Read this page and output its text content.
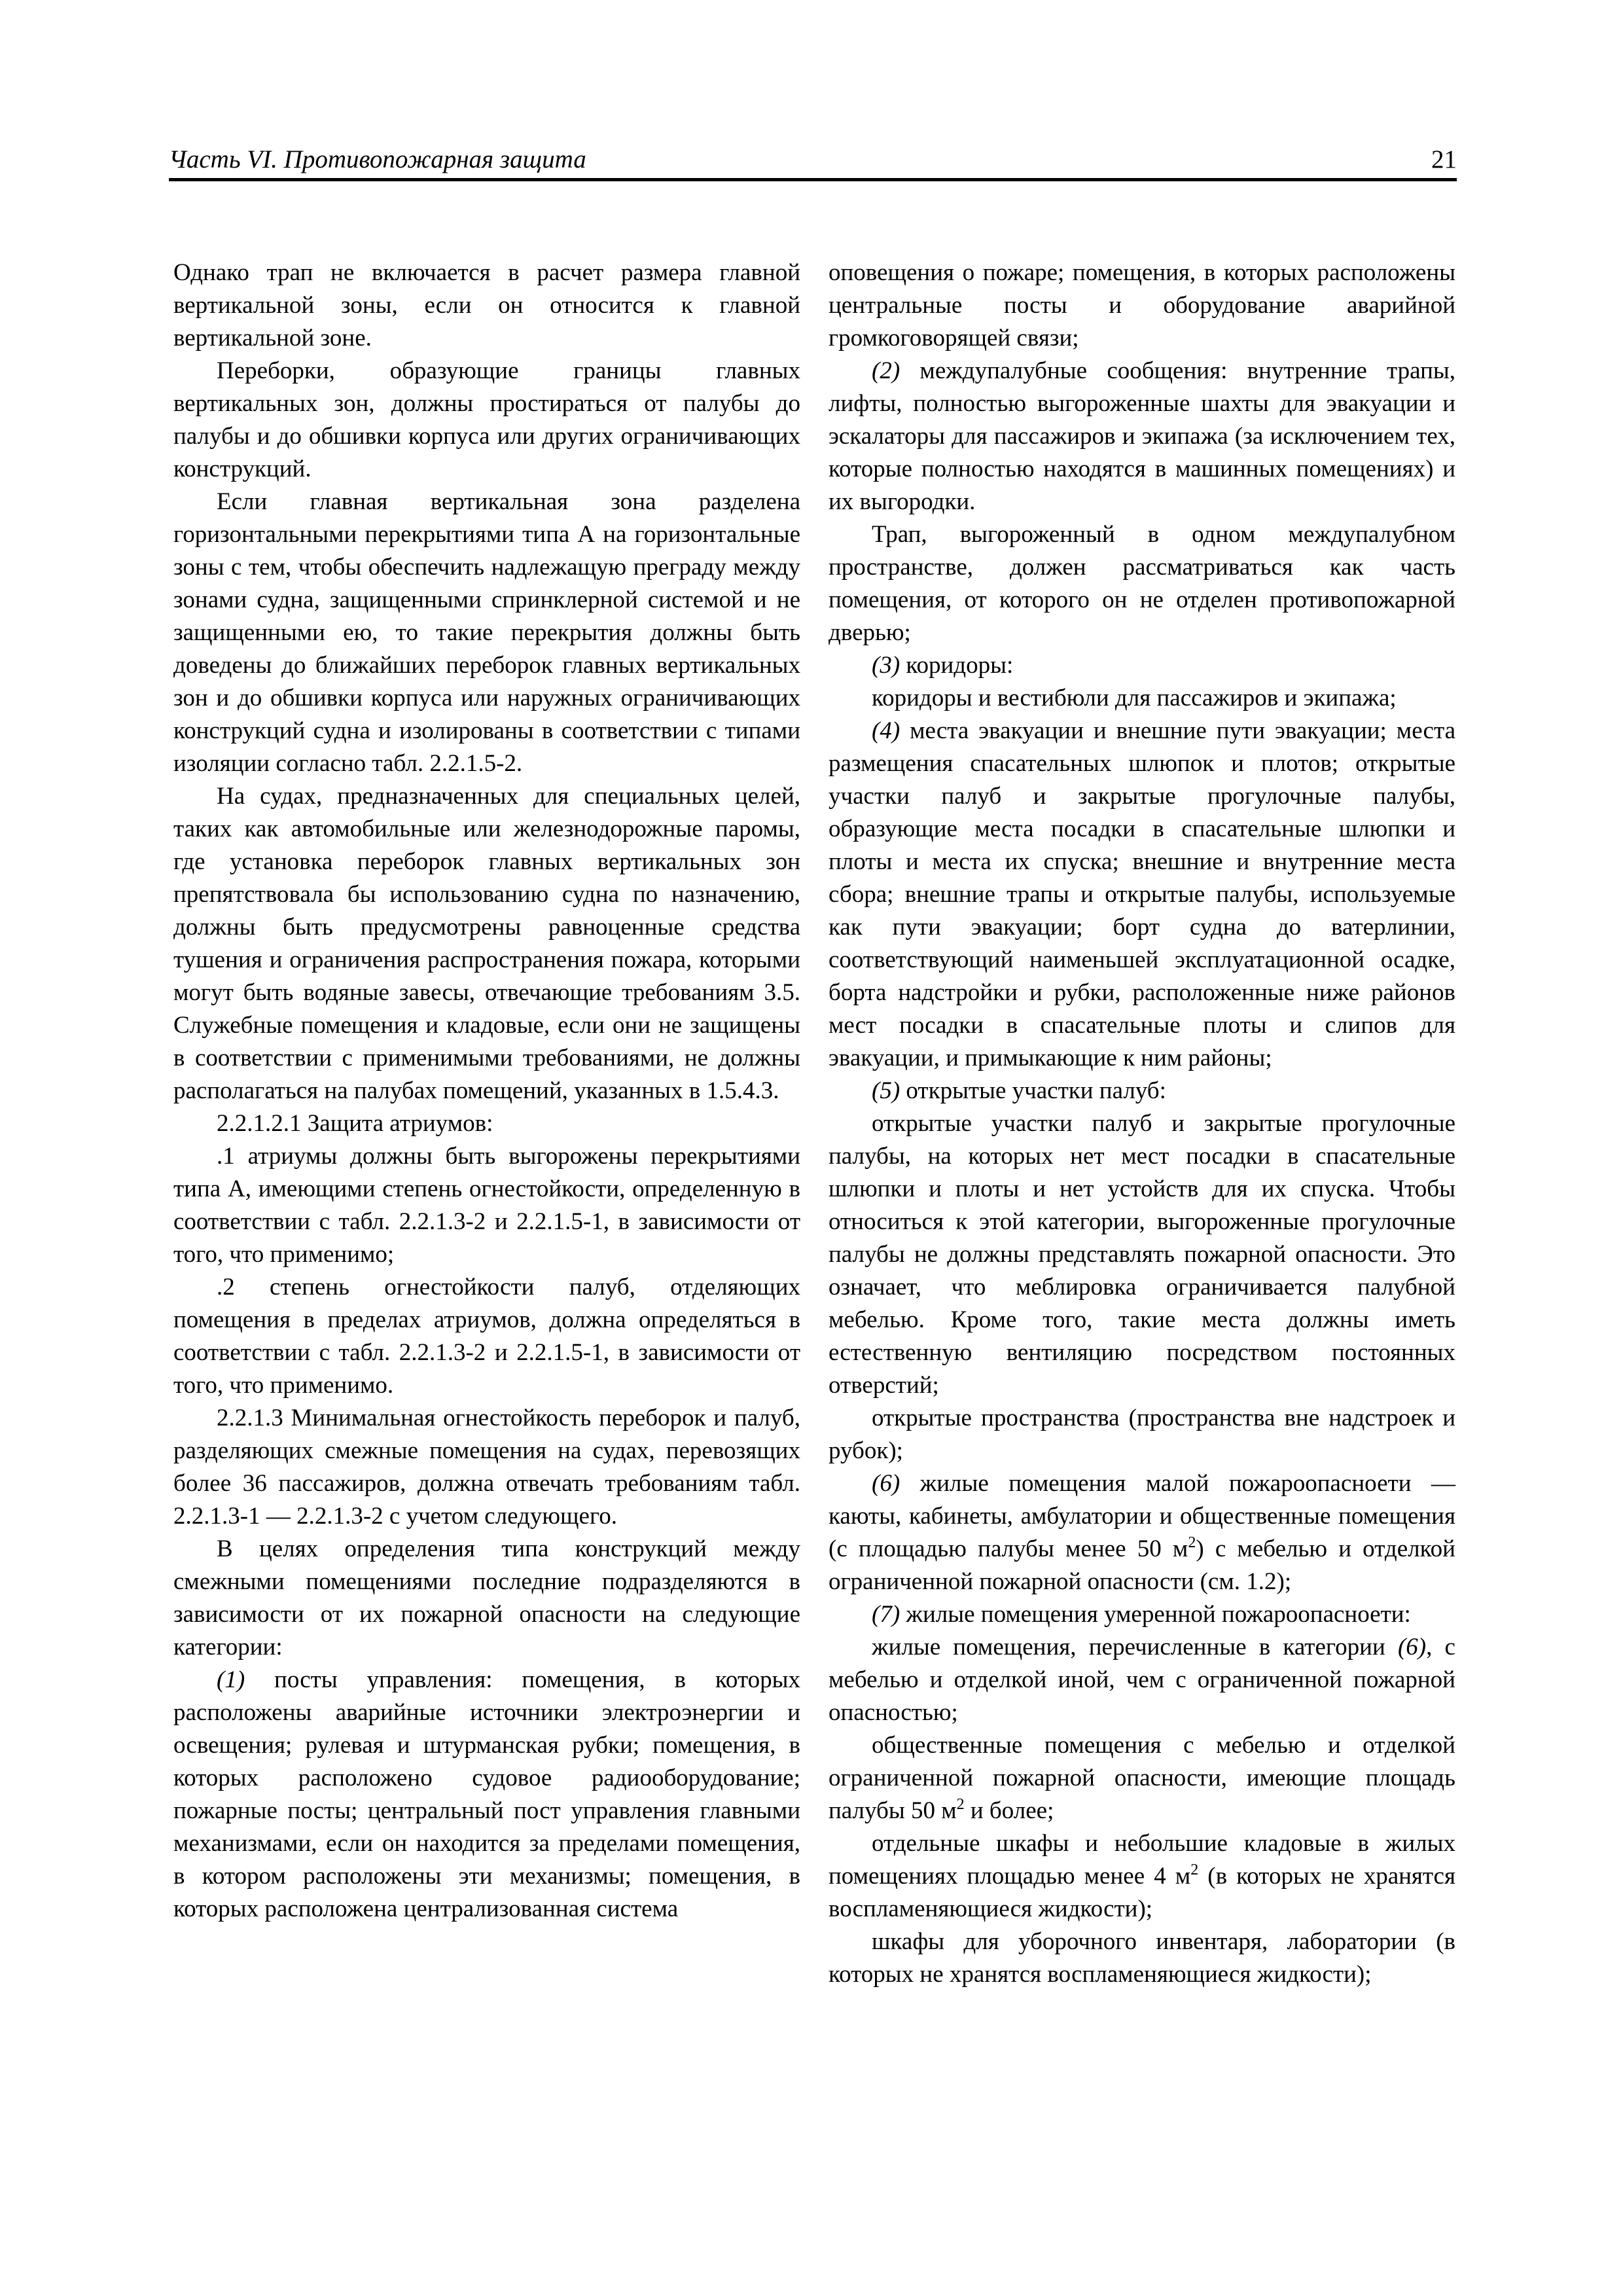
Часть VI. Противопожарная защита	21

Однако трап не включается в расчет размера главной вертикальной зоны, если он относится к главной вертикальной зоне.

Переборки, образующие границы главных вертикальных зон, должны простираться от палубы до палубы и до обшивки корпуса или других ограничивающих конструкций.

Если главная вертикальная зона разделена горизонтальными перекрытиями типа А на горизонтальные зоны с тем, чтобы обеспечить надлежащую преграду между зонами судна, защищенными спринклерной системой и не защищенными ею, то такие перекрытия должны быть доведены до ближайших переборок главных вертикальных зон и до обшивки корпуса или наружных ограничивающих конструкций судна и изолированы в соответствии с типами изоляции согласно табл. 2.2.1.5-2.

На судах, предназначенных для специальных целей, таких как автомобильные или железнодорожные паромы, где установка переборок главных вертикальных зон препятствовала бы использованию судна по назначению, должны быть предусмотрены равноценные средства тушения и ограничения распространения пожара, которыми могут быть водяные завесы, отвечающие требованиям 3.5. Служебные помещения и кладовые, если они не защищены в соответствии с применимыми требованиями, не должны располагаться на палубах помещений, указанных в 1.5.4.3.

2.2.1.2.1 Защита атриумов:

.1 атриумы должны быть выгорожены перекрытиями типа А, имеющими степень огнестойкости, определенную в соответствии с табл. 2.2.1.3-2 и 2.2.1.5-1, в зависимости от того, что применимо;

.2 степень огнестойкости палуб, отделяющих помещения в пределах атриумов, должна определяться в соответствии с табл. 2.2.1.3-2 и 2.2.1.5-1, в зависимости от того, что применимо.

2.2.1.3 Минимальная огнестойкость переборок и палуб, разделяющих смежные помещения на судах, перевозящих более 36 пассажиров, должна отвечать требованиям табл. 2.2.1.3-1 — 2.2.1.3-2 с учетом следующего.

В целях определения типа конструкций между смежными помещениями последние подразделяются в зависимости от их пожарной опасности на следующие категории:

(1) посты управления: помещения, в которых расположены аварийные источники электроэнергии и освещения; рулевая и штурманская рубки; помещения, в которых расположено судовое радиооборудование; пожарные посты; центральный пост управления главными механизмами, если он находится за пределами помещения, в котором расположены эти механизмы; помещения, в которых расположена централизованная система

оповещения о пожаре; помещения, в которых расположены центральные посты и оборудование аварийной громкоговорящей связи;

(2) междупалубные сообщения: внутренние трапы, лифты, полностью выгороженные шахты для эвакуации и эскалаторы для пассажиров и экипажа (за исключением тех, которые полностью находятся в машинных помещениях) и их выгородки.

Трап, выгороженный в одном междупалубном пространстве, должен рассматриваться как часть помещения, от которого он не отделен противопожарной дверью;

(3) коридоры:

коридоры и вестибюли для пассажиров и экипажа;

(4) места эвакуации и внешние пути эвакуации; места размещения спасательных шлюпок и плотов; открытые участки палуб и закрытые прогулочные палубы, образующие места посадки в спасательные шлюпки и плоты и места их спуска; внешние и внутренние места сбора; внешние трапы и открытые палубы, используемые как пути эвакуации; борт судна до ватерлинии, соответствующий наименьшей эксплуатационной осадке, борта надстройки и рубки, расположенные ниже районов мест посадки в спасательные плоты и слипов для эвакуации, и примыкающие к ним районы;

(5) открытые участки палуб:

открытые участки палуб и закрытые прогулочные палубы, на которых нет мест посадки в спасательные шлюпки и плоты и нет устойств для их спуска. Чтобы относиться к этой категории, выгороженные прогулочные палубы не должны представлять пожарной опасности. Это означает, что меблировка ограничивается палубной мебелью. Кроме того, такие места должны иметь естественную вентиляцию посредством постоянных отверстий;

открытые пространства (пространства вне надстроек и рубок);

(6) жилые помещения малой пожароопасноети — каюты, кабинеты, амбулатории и общественные помещения (с площадью палубы менее 50 $м^2$) с мебелью и отделкой ограниченной пожарной опасности (см. 1.2);

(7) жилые помещения умеренной пожароопасноети:

жилые помещения, перечисленные в категории (6), с мебелью и отделкой иной, чем с ограниченной пожарной опасностью;

общественные помещения с мебелью и отделкой ограниченной пожарной опасности, имеющие площадь палубы 50 $м^2$ и более;

отдельные шкафы и небольшие кладовые в жилых помещениях площадью менее 4 $м^2$ (в которых не хранятся воспламеняющиеся жидкости);

шкафы для уборочного инвентаря, лаборатории (в которых не хранятся воспламеняющиеся жидкости);
